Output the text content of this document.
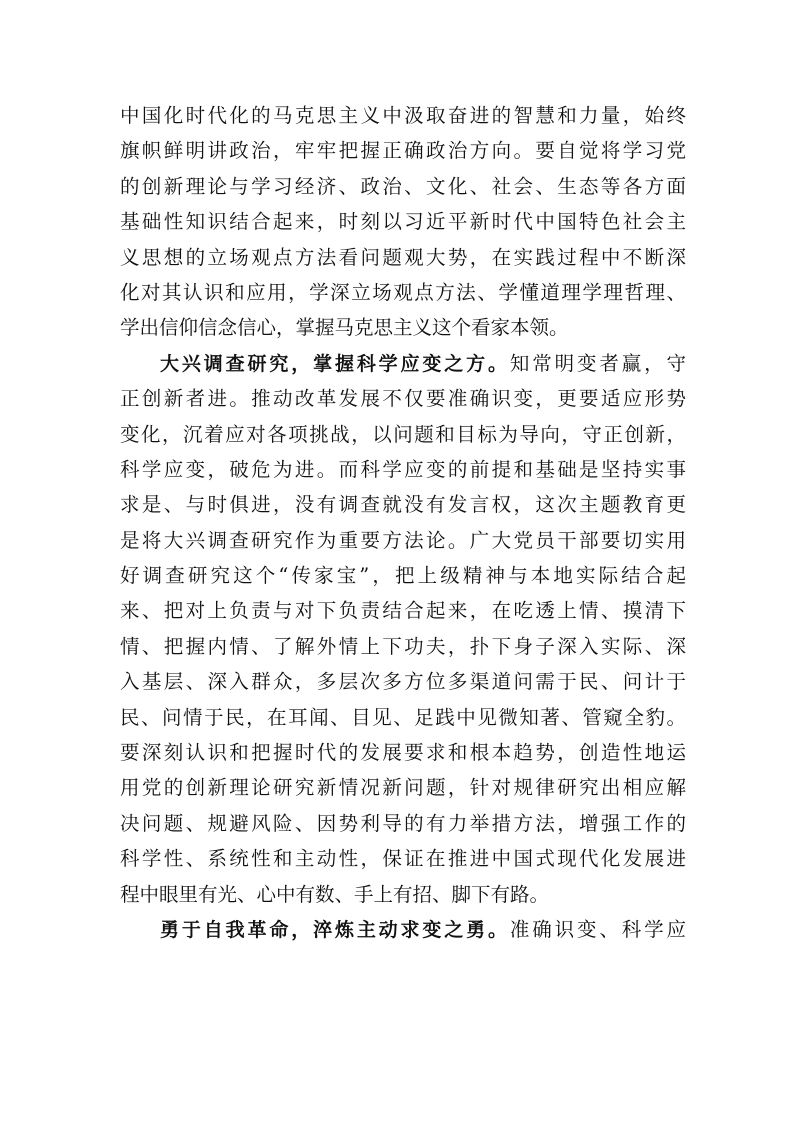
中国化时代化的马克思主义中汲取奋进的智慧和力量，始终
旗帜鲜明讲政治，牢牢把握正确政治方向。要自觉将学习党
的创新理论与学习经济、政治、文化、社会、生态等各方面
基础性知识结合起来，时刻以习近平新时代中国特色社会主
义思想的立场观点方法看问题观大势，在实践过程中不断深
化对其认识和应用，学深立场观点方法、学懂道理学理哲理、
学出信仰信念信心，掌握马克思主义这个看家本领。
大兴调查研究，掌握科学应变之方。知常明变者赢，守
正创新者进。推动改革发展不仅要准确识变，更要适应形势
变化，沉着应对各项挑战，以问题和目标为导向，守正创新，
科学应变，破危为进。而科学应变的前提和基础是坚持实事
求是、与时俱进，没有调查就没有发言权，这次主题教育更
是将大兴调查研究作为重要方法论。广大党员干部要切实用
好调查研究这个“传家宝”，把上级精神与本地实际结合起
来、把对上负责与对下负责结合起来，在吃透上情、摸清下
情、把握内情、了解外情上下功夫，扑下身子深入实际、深
入基层、深入群众，多层次多方位多渠道问需于民、问计于
民、问情于民，在耳闻、目见、足践中见微知著、管窥全豹。
要深刻认识和把握时代的发展要求和根本趋势，创造性地运
用党的创新理论研究新情况新问题，针对规律研究出相应解
决问题、规避风险、因势利导的有力举措方法，增强工作的
科学性、系统性和主动性，保证在推进中国式现代化发展进
程中眼里有光、心中有数、手上有招、脚下有路。
勇于自我革命，淬炼主动求变之勇。准确识变、科学应
